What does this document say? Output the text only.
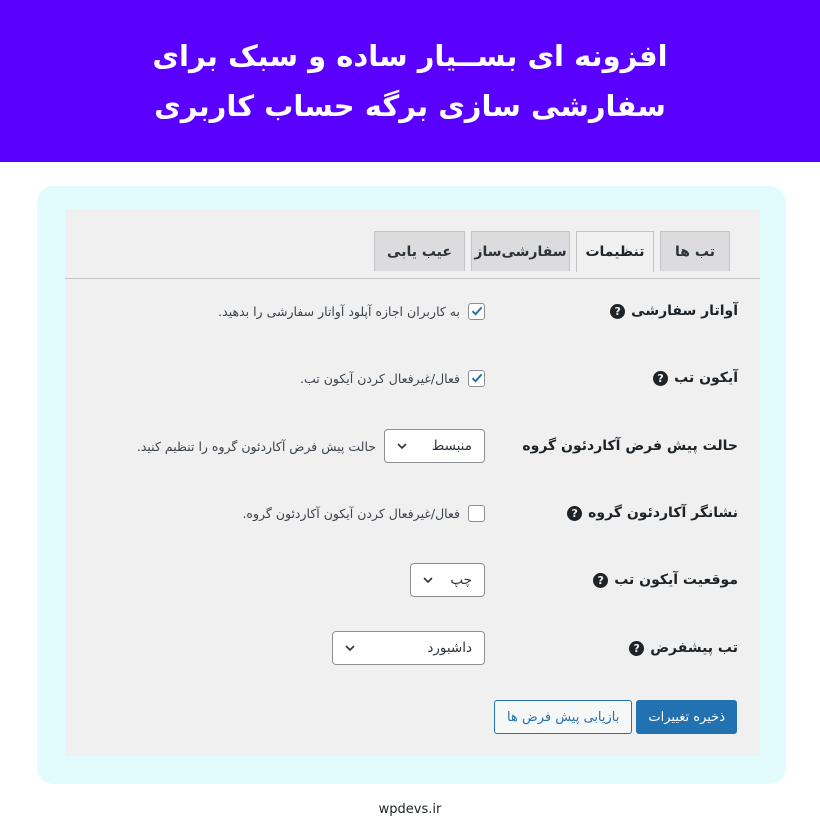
افزونه ای بســیار ساده و سبک برای
سفارشی سازی برگه حساب کاربری
تب ها
تنظیمات
سفارشی‌ساز
عیب یابی
آواتار سفارشی
?
به کاربران اجازه آپلود آواتار سفارشی را بدهید.
آیکون تب
?
فعال/غیرفعال کردن آیکون تب.
حالت پیش فرض آکاردئون گروه
منبسط
حالت پیش فرض آکاردئون گروه را تنظیم کنید.
نشانگر آکاردئون گروه
?
فعال/غیرفعال کردن آیکون آکاردئون گروه.
موقعیت آیکون تب
?
چپ
تب پیشفرض
?
داشبورد
ذخیره تغییرات
بازیابی پیش فرض ها
wpdevs.ir
